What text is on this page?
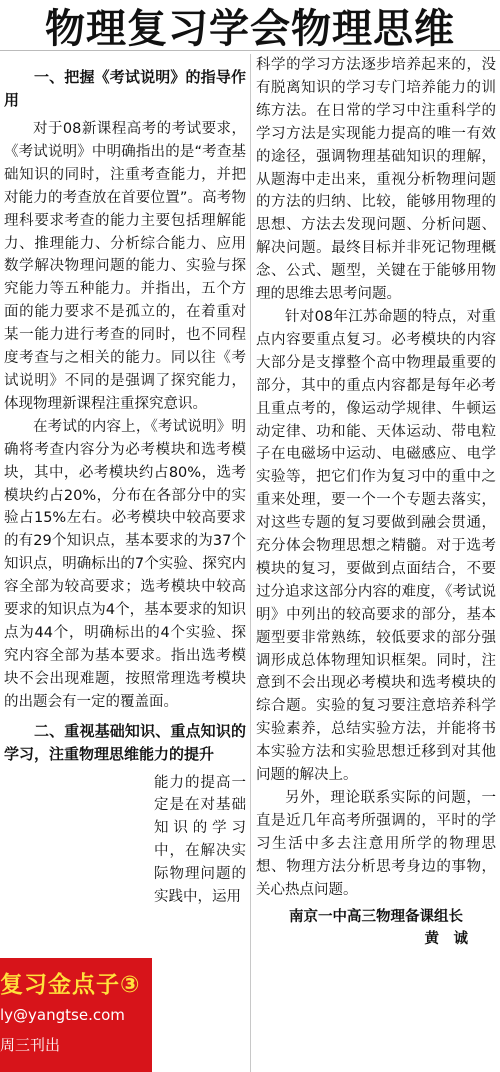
物理复习学会物理思维
一、把握《考试说明》的指导作用

对于08新课程高考的考试要求，《考试说明》中明确指出的是“考查基础知识的同时，注重考查能力，并把对能力的考查放在首要位置”。高考物理科要求考查的能力主要包括理解能力、推理能力、分析综合能力、应用数学解决物理问题的能力、实验与探究能力等五种能力。并指出，五个方面的能力要求不是孤立的，在着重对某一能力进行考查的同时，也不同程度考查与之相关的能力。同以往《考试说明》不同的是强调了探究能力，体现物理新课程注重探究意识。

在考试的内容上，《考试说明》明确将考查内容分为必考模块和选考模块，其中，必考模块约占80%，选考模块约占20%，分布在各部分中的实验占15%左右。必考模块中较高要求的有29个知识点，基本要求的为37个知识点，明确标出的7个实验、探究内容全部为较高要求；选考模块中较高要求的知识点为4个，基本要求的知识点为44个，明确标出的4个实验、探究内容全部为基本要求。指出选考模块不会出现难题，按照常理选考模块的出题会有一定的覆盖面。

二、重视基础知识、重点知识的学习，注重物理思维能力的提升

能力的提高一定是在对基础知识的学习中，在解决实际物理问题的实践中，运用

复习金点子③
ly@yangtse.com
周三刊出

科学的学习方法逐步培养起来的，没有脱离知识的学习专门培养能力的训练方法。在日常的学习中注重科学的学习方法是实现能力提高的唯一有效的途径，强调物理基础知识的理解，从题海中走出来，重视分析物理问题的方法的归纳、比较，能够用物理的思想、方法去发现问题、分析问题、解决问题。最终目标并非死记物理概念、公式、题型，关键在于能够用物理的思维去思考问题。

针对08年江苏命题的特点，对重点内容要重点复习。必考模块的内容大部分是支撑整个高中物理最重要的部分，其中的重点内容都是每年必考且重点考的，像运动学规律、牛顿运动定律、功和能、天体运动、带电粒子在电磁场中运动、电磁感应、电学实验等，把它们作为复习中的重中之重来处理，要一个一个专题去落实，对这些专题的复习要做到融会贯通，充分体会物理思想之精髓。对于选考模块的复习，要做到点面结合，不要过分追求这部分内容的难度，《考试说明》中列出的较高要求的部分，基本题型要非常熟练，较低要求的部分强调形成总体物理知识框架。同时，注意到不会出现必考模块和选考模块的综合题。实验的复习要注意培养科学实验素养，总结实验方法，并能将书本实验方法和实验思想迁移到对其他问题的解决上。

另外，理论联系实际的问题，一直是近几年高考所强调的，平时的学习生活中多去注意用所学的物理思想、物理方法分析思考身边的事物，关心热点问题。

南京一中高三物理备课组长
黄　诚
